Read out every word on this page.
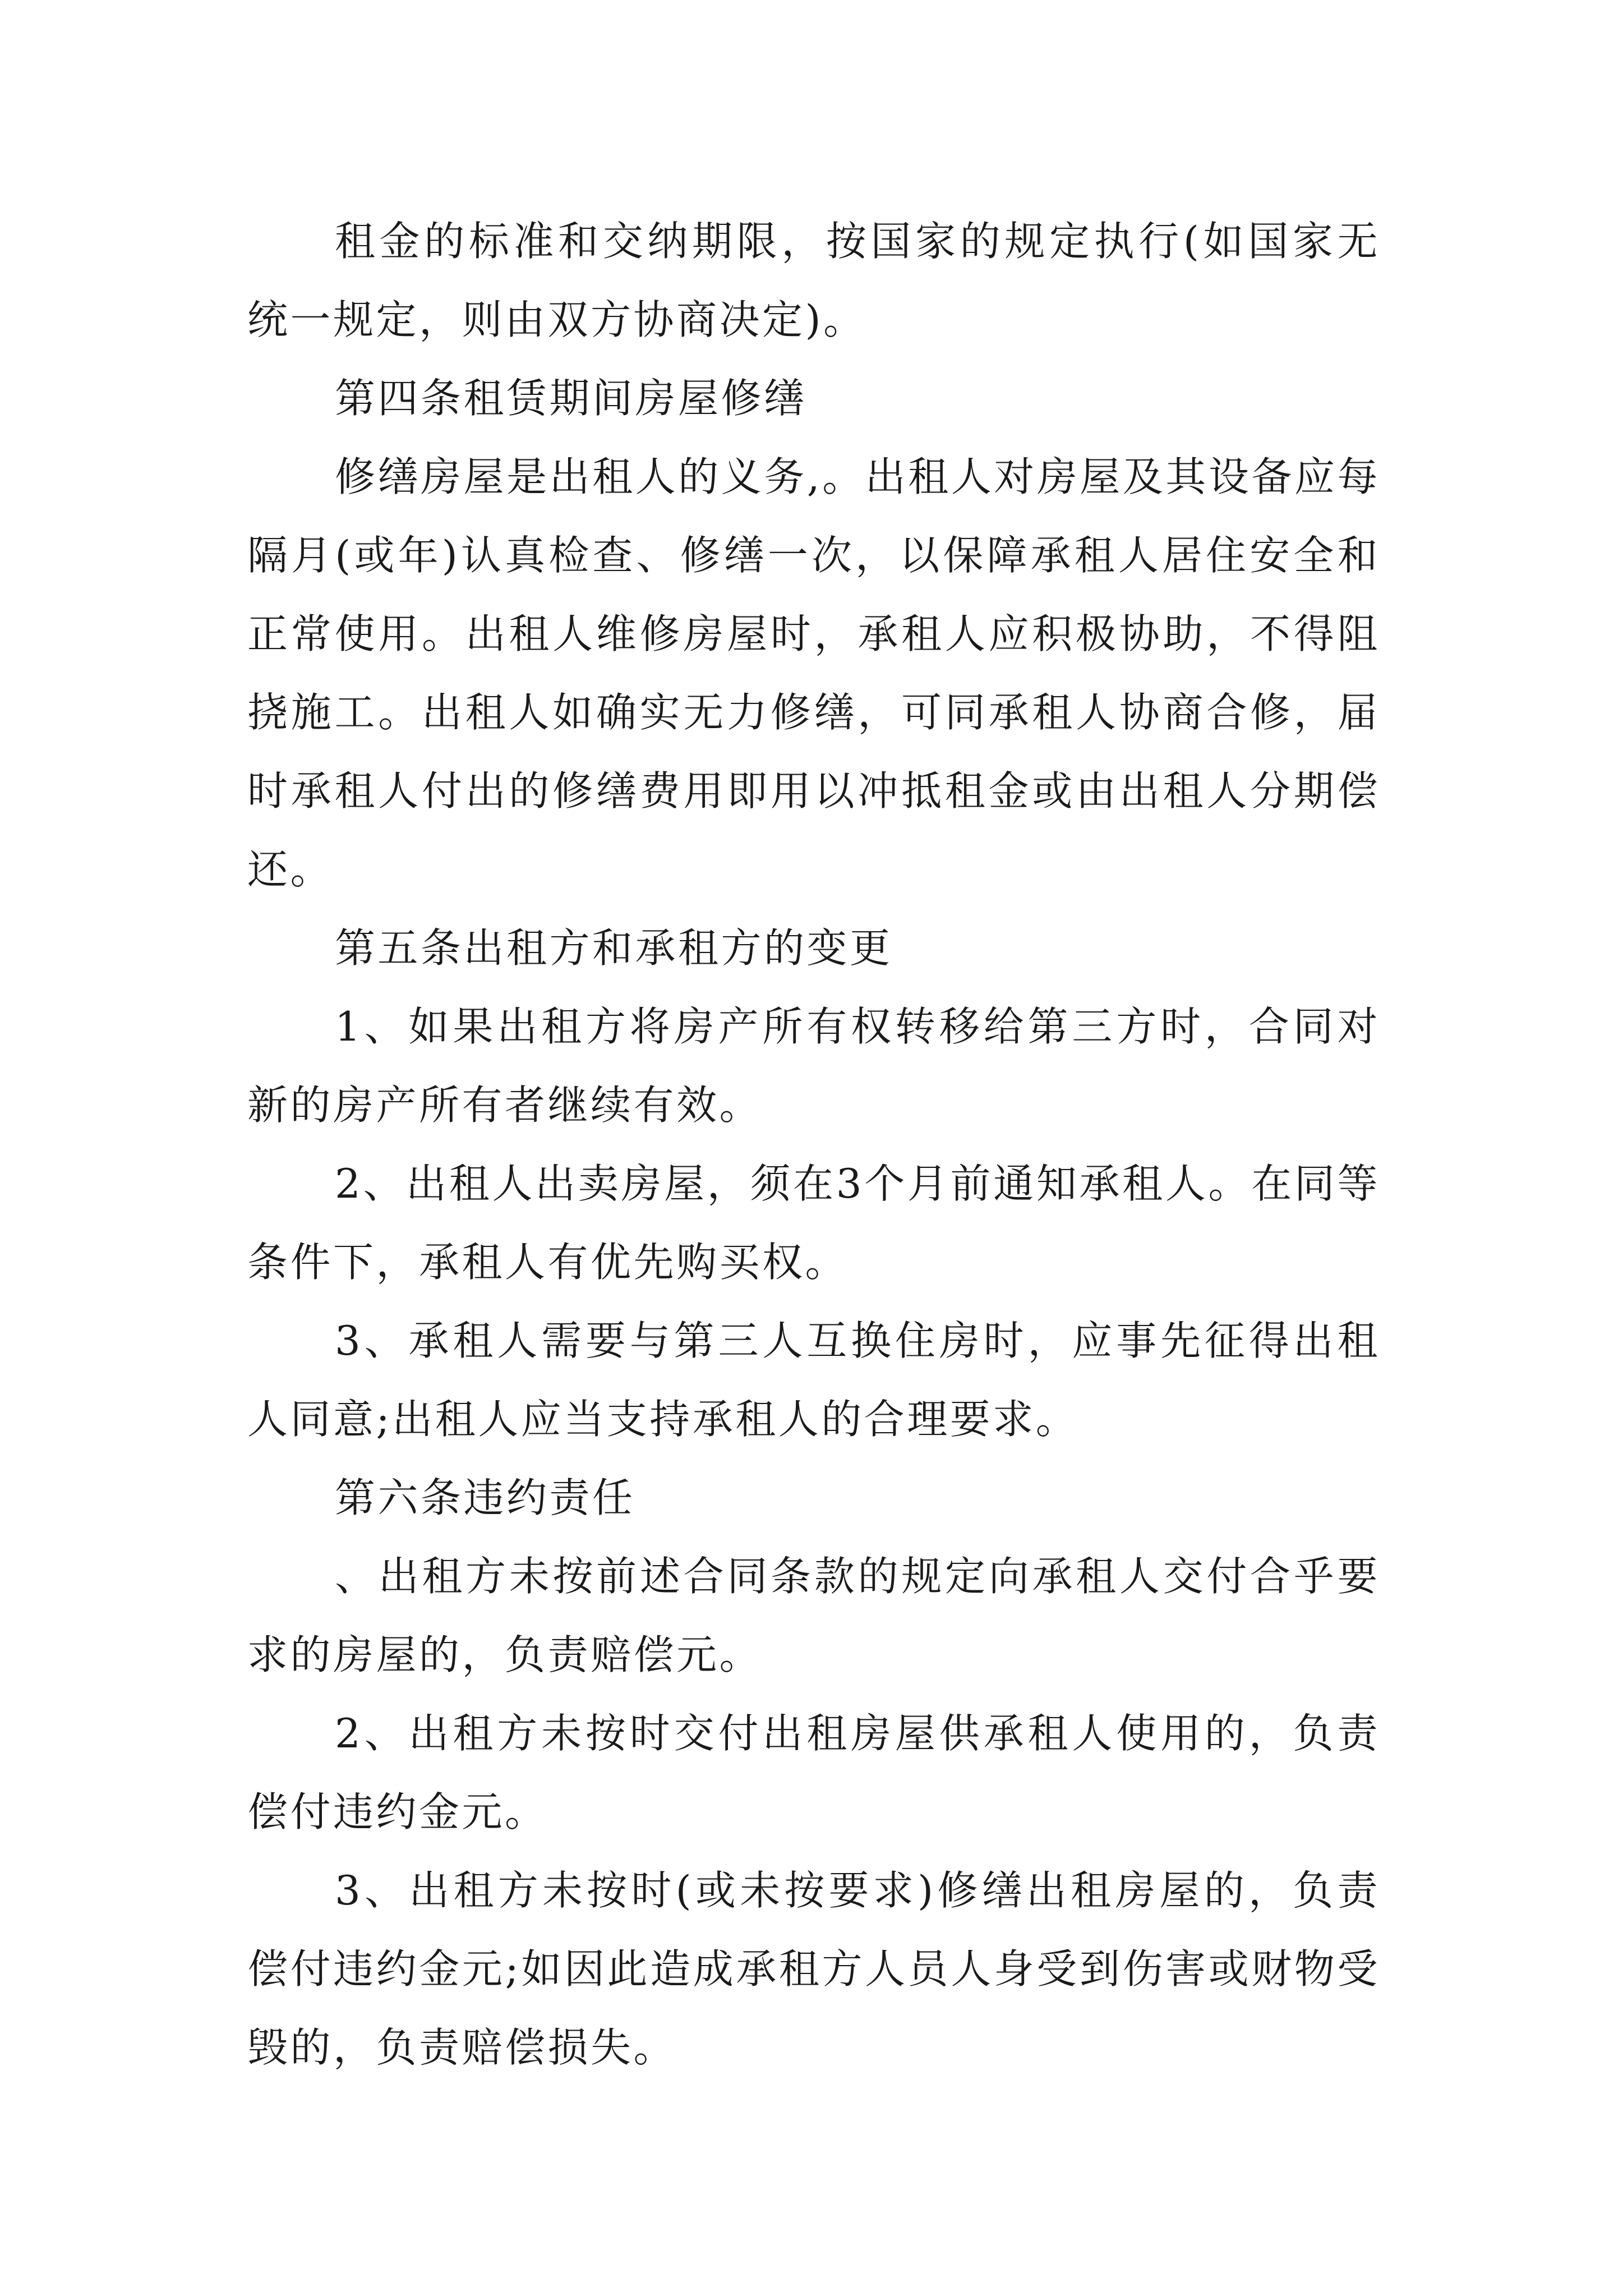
租金的标准和交纳期限，按国家的规定执行(如国家无统一规定，则由双方协商决定)。

第四条租赁期间房屋修缮

修缮房屋是出租人的义务,。出租人对房屋及其设备应每隔月(或年)认真检查、修缮一次，以保障承租人居住安全和正常使用。出租人维修房屋时，承租人应积极协助，不得阻挠施工。出租人如确实无力修缮，可同承租人协商合修，届时承租人付出的修缮费用即用以冲抵租金或由出租人分期偿还。

第五条出租方和承租方的变更

1、如果出租方将房产所有权转移给第三方时，合同对新的房产所有者继续有效。

2、出租人出卖房屋，须在3个月前通知承租人。在同等条件下，承租人有优先购买权。

3、承租人需要与第三人互换住房时，应事先征得出租人同意;出租人应当支持承租人的合理要求。

第六条违约责任

、出租方未按前述合同条款的规定向承租人交付合乎要求的房屋的，负责赔偿元。

2、出租方未按时交付出租房屋供承租人使用的，负责偿付违约金元。

3、出租方未按时(或未按要求)修缮出租房屋的，负责偿付违约金元;如因此造成承租方人员人身受到伤害或财物受毁的，负责赔偿损失。
